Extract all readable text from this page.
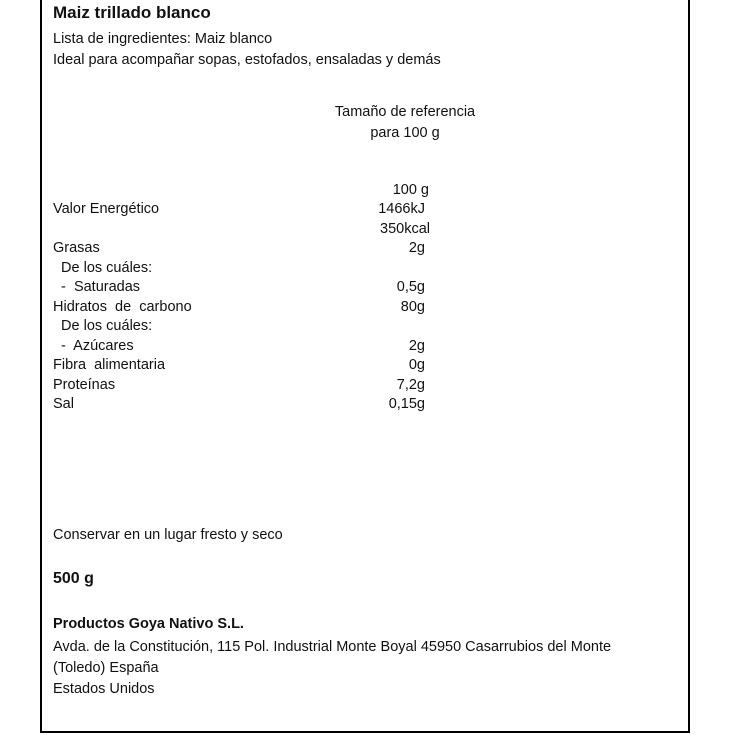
Maiz trillado blanco
Lista de ingredientes: Maiz blanco
Ideal para acompañar sopas, estofados, ensaladas y demás
Tamaño de referencia
para 100 g
100 g
Valor Energético	1466kJ
350kcal
Grasas	2g
De los cuáles:
-  Saturadas	0,5g
Hidratos  de  carbono	80g
De los cuáles:
-  Azúcares	2g
Fibra  alimentaria	0g
Proteínas	7,2g
Sal	0,15g
Conservar en un lugar fresto y seco
500 g
Productos Goya Nativo S.L.
Avda. de la Constitución, 115 Pol. Industrial Monte Boyal 45950 Casarrubios del Monte (Toledo) España
Estados Unidos
